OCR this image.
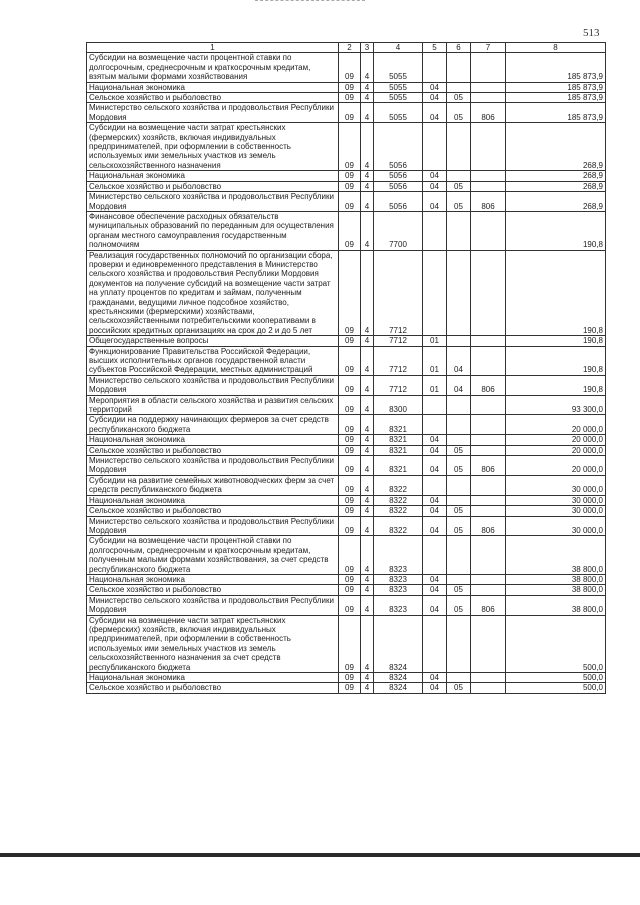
513
1	2	3	4	5	6	7	8
Субсидии на возмещение части процентной ставки по долгосрочным, среднесрочным и краткосрочным кредитам, взятым малыми формами хозяйствования	09	4	5055				185 873,9
Национальная экономика	09	4	5055	04			185 873,9
Сельское хозяйство и рыболовство	09	4	5055	04	05		185 873,9
Министерство сельского хозяйства и продовольствия Республики Мордовия	09	4	5055	04	05	806	185 873,9
Субсидии на возмещение части затрат крестьянских (фермерских) хозяйств, включая индивидуальных предпринимателей, при оформлении в собственность используемых ими земельных участков из земель сельскохозяйственного назначения	09	4	5056				268,9
Национальная экономика	09	4	5056	04			268,9
Сельское хозяйство и рыболовство	09	4	5056	04	05		268,9
Министерство сельского хозяйства и продовольствия Республики Мордовия	09	4	5056	04	05	806	268,9
Финансовое обеспечение расходных обязательств муниципальных образований по переданным для осуществления органам местного самоуправления государственным полномочиям	09	4	7700				190,8
Реализация государственных полномочий по организации сбора, проверки и единовременного представления в Министерство сельского хозяйства и продовольствия Республики Мордовия документов на получение субсидий на возмещение части затрат на уплату процентов по кредитам и займам, полученным гражданами, ведущими личное подсобное хозяйство, крестьянскими (фермерскими) хозяйствами, сельскохозяйственными потребительскими кооперативами в российских кредитных организациях на срок до 2 и до 5 лет	09	4	7712				190,8
Общегосударственные вопросы	09	4	7712	01			190,8
Функционирование Правительства Российской Федерации, высших исполнительных органов государственной власти субъектов Российской Федерации, местных администраций	09	4	7712	01	04		190,8
Министерство сельского хозяйства и продовольствия Республики Мордовия	09	4	7712	01	04	806	190,8
Мероприятия в области сельского хозяйства и развития сельских территорий	09	4	8300				93 300,0
Субсидии на поддержку начинающих фермеров за счет средств республиканского бюджета	09	4	8321				20 000,0
Национальная экономика	09	4	8321	04			20 000,0
Сельское хозяйство и рыболовство	09	4	8321	04	05		20 000,0
Министерство сельского хозяйства и продовольствия Республики Мордовия	09	4	8321	04	05	806	20 000,0
Субсидии на развитие семейных животноводческих ферм за счет средств республиканского бюджета	09	4	8322				30 000,0
Национальная экономика	09	4	8322	04			30 000,0
Сельское хозяйство и рыболовство	09	4	8322	04	05		30 000,0
Министерство сельского хозяйства и продовольствия Республики Мордовия	09	4	8322	04	05	806	30 000,0
Субсидии на возмещение части процентной ставки по долгосрочным, среднесрочным и краткосрочным кредитам, полученным малыми формами хозяйствования, за счет средств республиканского бюджета	09	4	8323				38 800,0
Национальная экономика	09	4	8323	04			38 800,0
Сельское хозяйство и рыболовство	09	4	8323	04	05		38 800,0
Министерство сельского хозяйства и продовольствия Республики Мордовия	09	4	8323	04	05	806	38 800,0
Субсидии на возмещение части затрат крестьянских (фермерских) хозяйств, включая индивидуальных предпринимателей, при оформлении в собственность используемых ими земельных участков из земель сельскохозяйственного назначения за счет средств республиканского бюджета	09	4	8324				500,0
Национальная экономика	09	4	8324	04			500,0
Сельское хозяйство и рыболовство	09	4	8324	04	05		500,0
